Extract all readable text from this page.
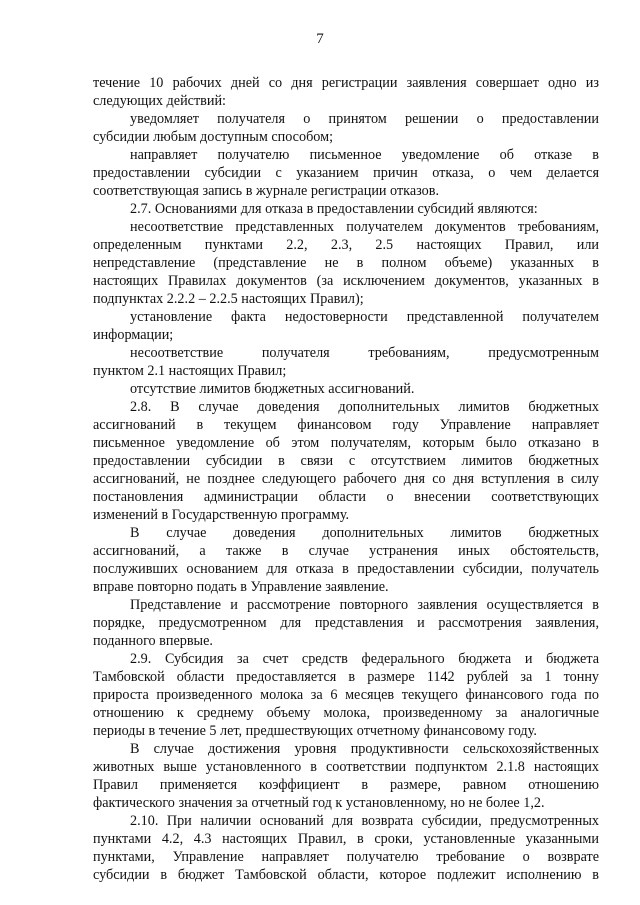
7
течение 10 рабочих дней со дня регистрации заявления совершает одно из
следующих действий:
уведомляет получателя о принятом решении о предоставлении
субсидии любым доступным способом;
направляет получателю письменное уведомление об отказе в
предоставлении субсидии с указанием причин отказа, о чем делается
соответствующая запись в журнале регистрации отказов.
2.7. Основаниями для отказа в предоставлении субсидий являются:
несоответствие представленных получателем документов требованиям,
определенным пунктами 2.2, 2.3, 2.5 настоящих Правил, или
непредставление (представление не в полном объеме) указанных в
настоящих Правилах документов (за исключением документов, указанных в
подпунктах 2.2.2 – 2.2.5 настоящих Правил);
установление факта недостоверности представленной получателем
информации;
несоответствие получателя требованиям, предусмотренным
пунктом 2.1 настоящих Правил;
отсутствие лимитов бюджетных ассигнований.
2.8. В случае доведения дополнительных лимитов бюджетных
ассигнований в текущем финансовом году Управление направляет
письменное уведомление об этом получателям, которым было отказано в
предоставлении субсидии в связи с отсутствием лимитов бюджетных
ассигнований, не позднее следующего рабочего дня со дня вступления в силу
постановления администрации области о внесении соответствующих
изменений в Государственную программу.
В случае доведения дополнительных лимитов бюджетных
ассигнований, а также в случае устранения иных обстоятельств,
послуживших основанием для отказа в предоставлении субсидии, получатель
вправе повторно подать в Управление заявление.
Представление и рассмотрение повторного заявления осуществляется в
порядке, предусмотренном для представления и рассмотрения заявления,
поданного впервые.
2.9. Субсидия за счет средств федерального бюджета и бюджета
Тамбовской области предоставляется в размере 1142 рублей за 1 тонну
прироста произведенного молока за 6 месяцев текущего финансового года по
отношению к среднему объему молока, произведенному за аналогичные
периоды в течение 5 лет, предшествующих отчетному финансовому году.
В случае достижения уровня продуктивности сельскохозяйственных
животных выше установленного в соответствии подпунктом 2.1.8 настоящих
Правил применяется коэффициент в размере, равном отношению
фактического значения за отчетный год к установленному, но не более 1,2.
2.10. При наличии оснований для возврата субсидии, предусмотренных
пунктами 4.2, 4.3 настоящих Правил, в сроки, установленные указанными
пунктами, Управление направляет получателю требование о возврате
субсидии в бюджет Тамбовской области, которое подлежит исполнению в
